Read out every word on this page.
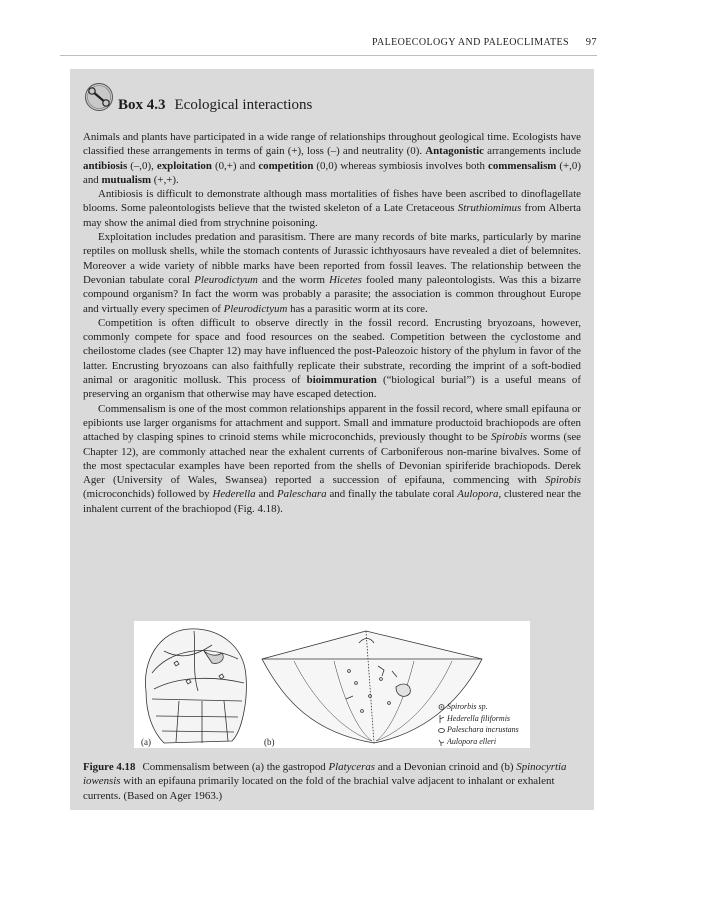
PALEOECOLOGY AND PALEOCLIMATES 97
Box 4.3 Ecological interactions

Animals and plants have participated in a wide range of relationships throughout geological time. Ecologists have classified these arrangements in terms of gain (+), loss (–) and neutrality (0). Antagonistic arrangements include antibiosis (–,0), exploitation (0,+) and competition (0,0) whereas symbiosis involves both commensalism (+,0) and mutualism (+,+).

Antibiosis is difficult to demonstrate although mass mortalities of fishes have been ascribed to dinoflagellate blooms. Some paleontologists believe that the twisted skeleton of a Late Cretaceous Struthiomimus from Alberta may show the animal died from strychnine poisoning.

Exploitation includes predation and parasitism. There are many records of bite marks, particularly by marine reptiles on mollusk shells, while the stomach contents of Jurassic ichthyosaurs have revealed a diet of belemnites. Moreover a wide variety of nibble marks have been reported from fossil leaves. The relationship between the Devonian tabulate coral Pleurodictyum and the worm Hicetes fooled many paleontologists. Was this a bizarre compound organism? In fact the worm was probably a parasite; the association is common throughout Europe and virtually every specimen of Pleurodictyum has a parasitic worm at its core.

Competition is often difficult to observe directly in the fossil record. Encrusting bryozoans, however, commonly compete for space and food resources on the seabed. Competition between the cyclostome and cheilostome clades (see Chapter 12) may have influenced the post-Paleozoic history of the phylum in favor of the latter. Encrusting bryozoans can also faithfully replicate their substrate, recording the imprint of a soft-bodied animal or aragonitic mollusk. This process of bioimmuration (“biological burial”) is a useful means of preserving an organism that otherwise may have escaped detection.

Commensalism is one of the most common relationships apparent in the fossil record, where small epifauna or epibionts use larger organisms for attachment and support. Small and immature productoid brachiopods are often attached by clasping spines to crinoid stems while microconchids, previously thought to be Spirobis worms (see Chapter 12), are commonly attached near the exhalent currents of Carboniferous non-marine bivalves. Some of the most spectacular examples have been reported from the shells of Devonian spiriferide brachiopods. Derek Ager (University of Wales, Swansea) reported a succession of epifauna, commencing with Spirobis (microconchids) followed by Hederella and Paleschara and finally the tabulate coral Aulopora, clustered near the inhalent current of the brachiopod (Fig. 4.18).

(a)	(b)
Spirorbis sp.
Hederella filiformis
Paleschara incrustans
Aulopora elleri
Figure 4.18 Commensalism between (a) the gastropod Platyceras and a Devonian crinoid and (b) Spinocyrtia iowensis with an epifauna primarily located on the fold of the brachial valve adjacent to inhalant or exhalent currents. (Based on Ager 1963.)
